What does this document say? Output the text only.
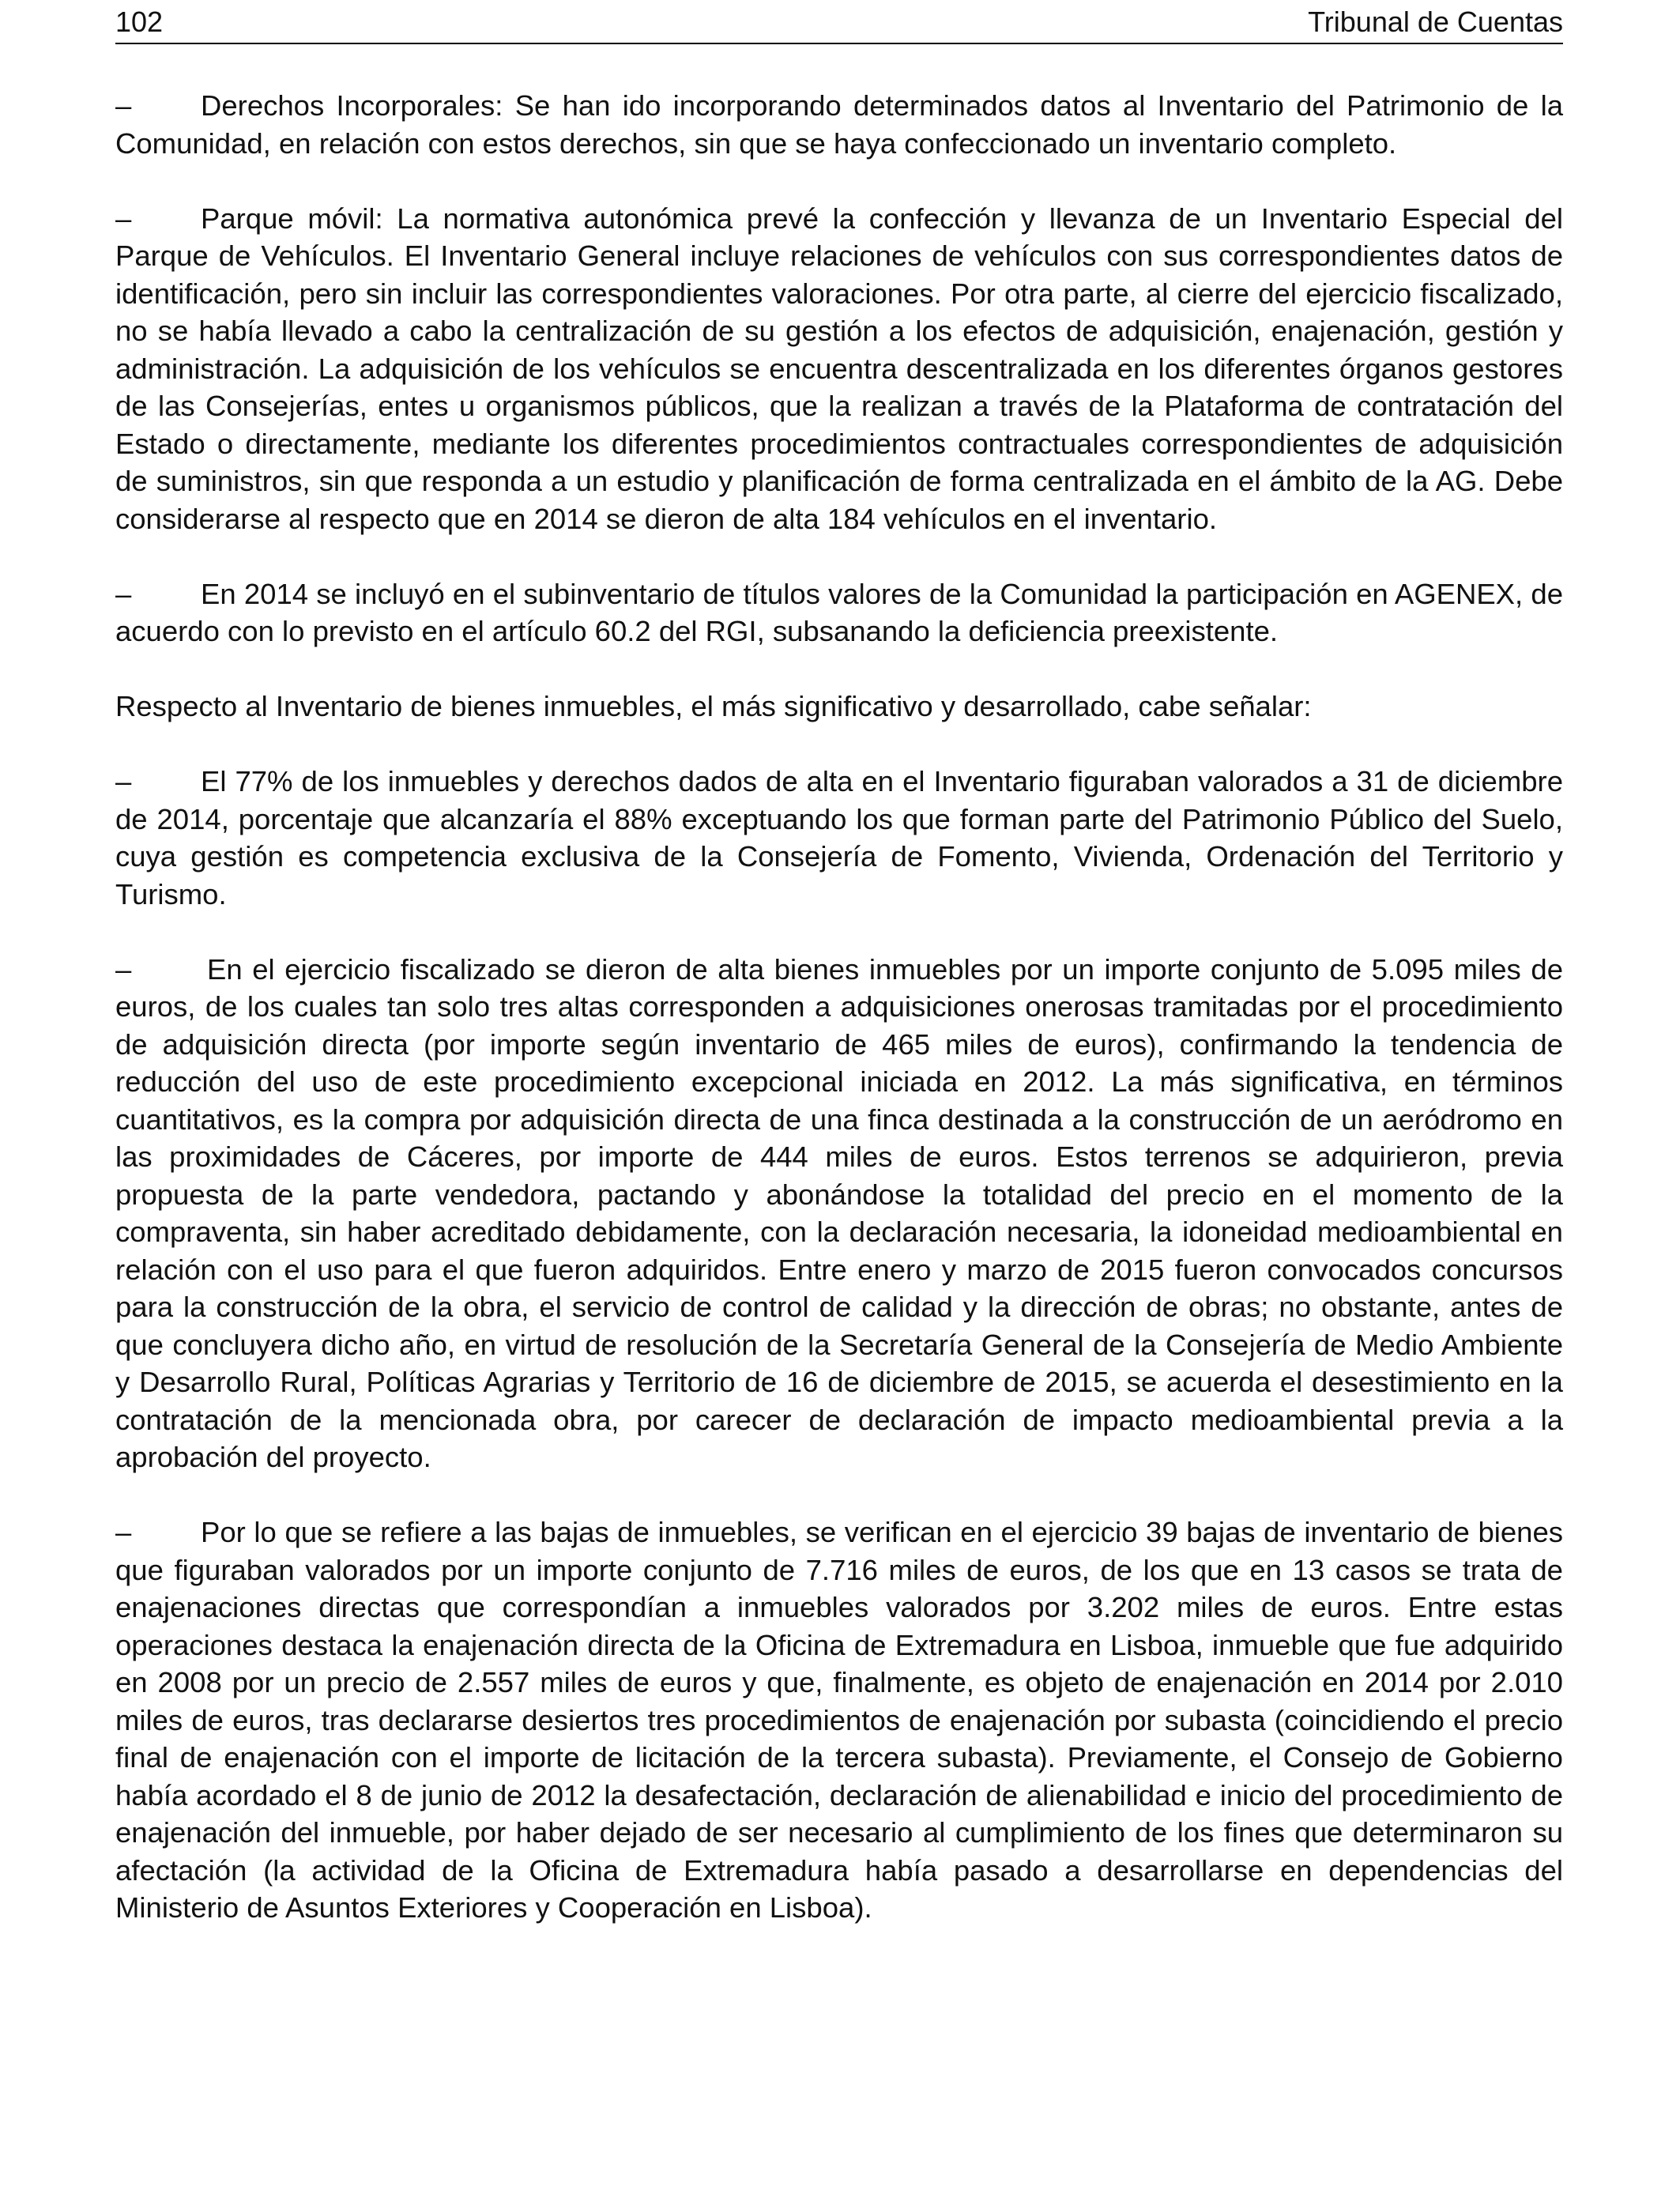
102	Tribunal de Cuentas

– Derechos Incorporales: Se han ido incorporando determinados datos al Inventario del Patrimonio de la Comunidad, en relación con estos derechos, sin que se haya confeccionado un inventario completo.

– Parque móvil: La normativa autonómica prevé la confección y llevanza de un Inventario Especial del Parque de Vehículos. El Inventario General incluye relaciones de vehículos con sus correspondientes datos de identificación, pero sin incluir las correspondientes valoraciones. Por otra parte, al cierre del ejercicio fiscalizado, no se había llevado a cabo la centralización de su gestión a los efectos de adquisición, enajenación, gestión y administración. La adquisición de los vehículos se encuentra descentralizada en los diferentes órganos gestores de las Consejerías, entes u organismos públicos, que la realizan a través de la Plataforma de contratación del Estado o directamente, mediante los diferentes procedimientos contractuales correspondientes de adquisición de suministros, sin que responda a un estudio y planificación de forma centralizada en el ámbito de la AG. Debe considerarse al respecto que en 2014 se dieron de alta 184 vehículos en el inventario.

– En 2014 se incluyó en el subinventario de títulos valores de la Comunidad la participación en AGENEX, de acuerdo con lo previsto en el artículo 60.2 del RGI, subsanando la deficiencia preexistente.

Respecto al Inventario de bienes inmuebles, el más significativo y desarrollado, cabe señalar:

– El 77% de los inmuebles y derechos dados de alta en el Inventario figuraban valorados a 31 de diciembre de 2014, porcentaje que alcanzaría el 88% exceptuando los que forman parte del Patrimonio Público del Suelo, cuya gestión es competencia exclusiva de la Consejería de Fomento, Vivienda, Ordenación del Territorio y Turismo.

–	En el ejercicio fiscalizado se dieron de alta bienes inmuebles por un importe conjunto de 5.095 miles de euros, de los cuales tan solo tres altas corresponden a adquisiciones onerosas tramitadas por el procedimiento de adquisición directa (por importe según inventario de 465 miles de euros), confirmando la tendencia de reducción del uso de este procedimiento excepcional iniciada en 2012. La más significativa, en términos cuantitativos, es la compra por adquisición directa de una finca destinada a la construcción de un aeródromo en las proximidades de Cáceres, por importe de 444 miles de euros. Estos terrenos se adquirieron, previa propuesta de la parte vendedora, pactando y abonándose la totalidad del precio en el momento de la compraventa, sin haber acreditado debidamente, con la declaración necesaria, la idoneidad medioambiental en relación con el uso para el que fueron adquiridos. Entre enero y marzo de 2015 fueron convocados concursos para la construcción de la obra, el servicio de control de calidad y la dirección de obras; no obstante, antes de que concluyera dicho año, en virtud de resolución de la Secretaría General de la Consejería de Medio Ambiente y Desarrollo Rural, Políticas Agrarias y Territorio de 16 de diciembre de 2015, se acuerda el desestimiento en la contratación de la mencionada obra, por carecer de declaración de impacto medioambiental previa a la aprobación del proyecto.

– Por lo que se refiere a las bajas de inmuebles, se verifican en el ejercicio 39 bajas de inventario de bienes que figuraban valorados por un importe conjunto de 7.716 miles de euros, de los que en 13 casos se trata de enajenaciones directas que correspondían a inmuebles valorados por 3.202 miles de euros. Entre estas operaciones destaca la enajenación directa de la Oficina de Extremadura en Lisboa, inmueble que fue adquirido en 2008 por un precio de 2.557 miles de euros y que, finalmente, es objeto de enajenación en 2014 por 2.010 miles de euros, tras declararse desiertos tres procedimientos de enajenación por subasta (coincidiendo el precio final de enajenación con el importe de licitación de la tercera subasta). Previamente, el Consejo de Gobierno había acordado el 8 de junio de 2012 la desafectación, declaración de alienabilidad e inicio del procedimiento de enajenación del inmueble, por haber dejado de ser necesario al cumplimiento de los fines que determinaron su afectación (la actividad de la Oficina de Extremadura había pasado a desarrollarse en dependencias del Ministerio de Asuntos Exteriores y Cooperación en Lisboa).
